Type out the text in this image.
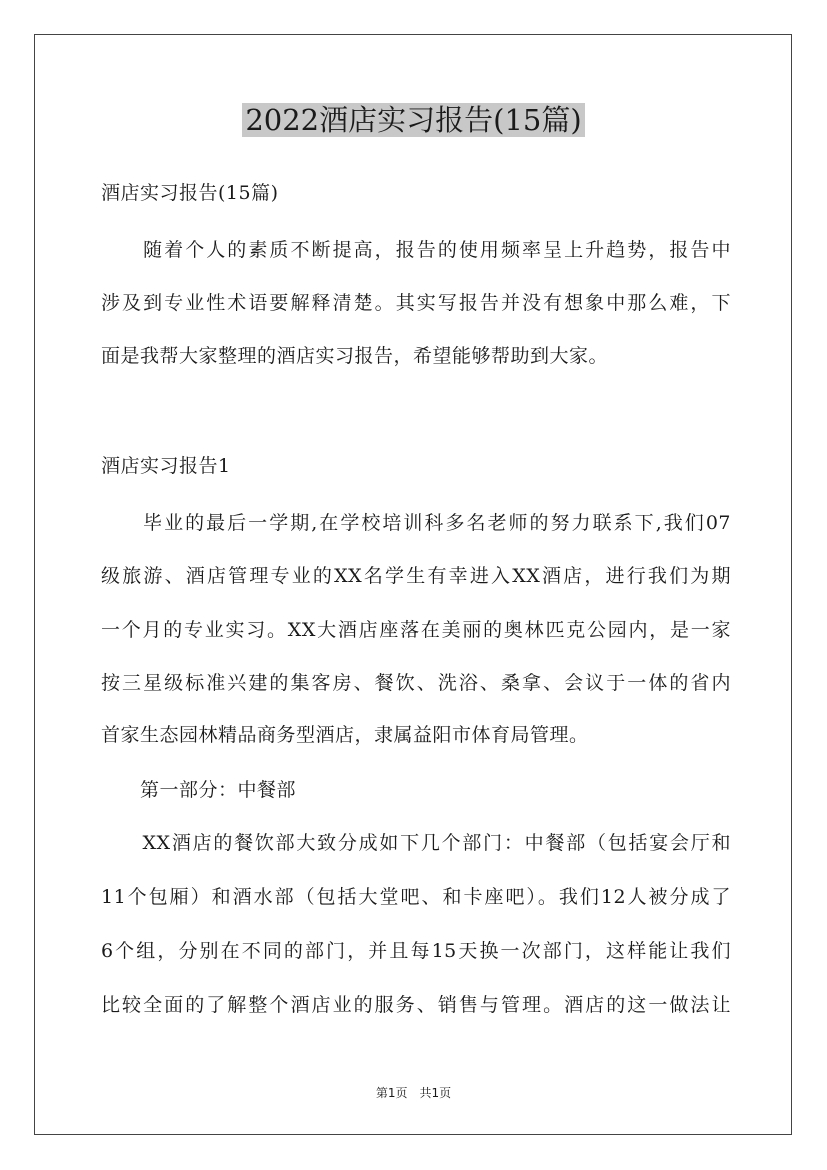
2022酒店实习报告(15篇)
酒店实习报告(15篇)
　　随着个人的素质不断提高，报告的使用频率呈上升趋势，报告中
涉及到专业性术语要解释清楚。其实写报告并没有想象中那么难，下
面是我帮大家整理的酒店实习报告，希望能够帮助到大家。
酒店实习报告1
　　毕业的最后一学期,在学校培训科多名老师的努力联系下,我们07
级旅游、酒店管理专业的XX名学生有幸进入XX酒店，进行我们为期
一个月的专业实习。XX大酒店座落在美丽的奥林匹克公园内，是一家
按三星级标准兴建的集客房、餐饮、洗浴、桑拿、会议于一体的省内
首家生态园林精品商务型酒店，隶属益阳市体育局管理。
　　第一部分：中餐部
　　XX酒店的餐饮部大致分成如下几个部门：中餐部（包括宴会厅和
11个包厢）和酒水部（包括大堂吧、和卡座吧）。我们12人被分成了
6个组，分别在不同的部门，并且每15天换一次部门，这样能让我们
比较全面的了解整个酒店业的服务、销售与管理。酒店的这一做法让
第1页　共1页
